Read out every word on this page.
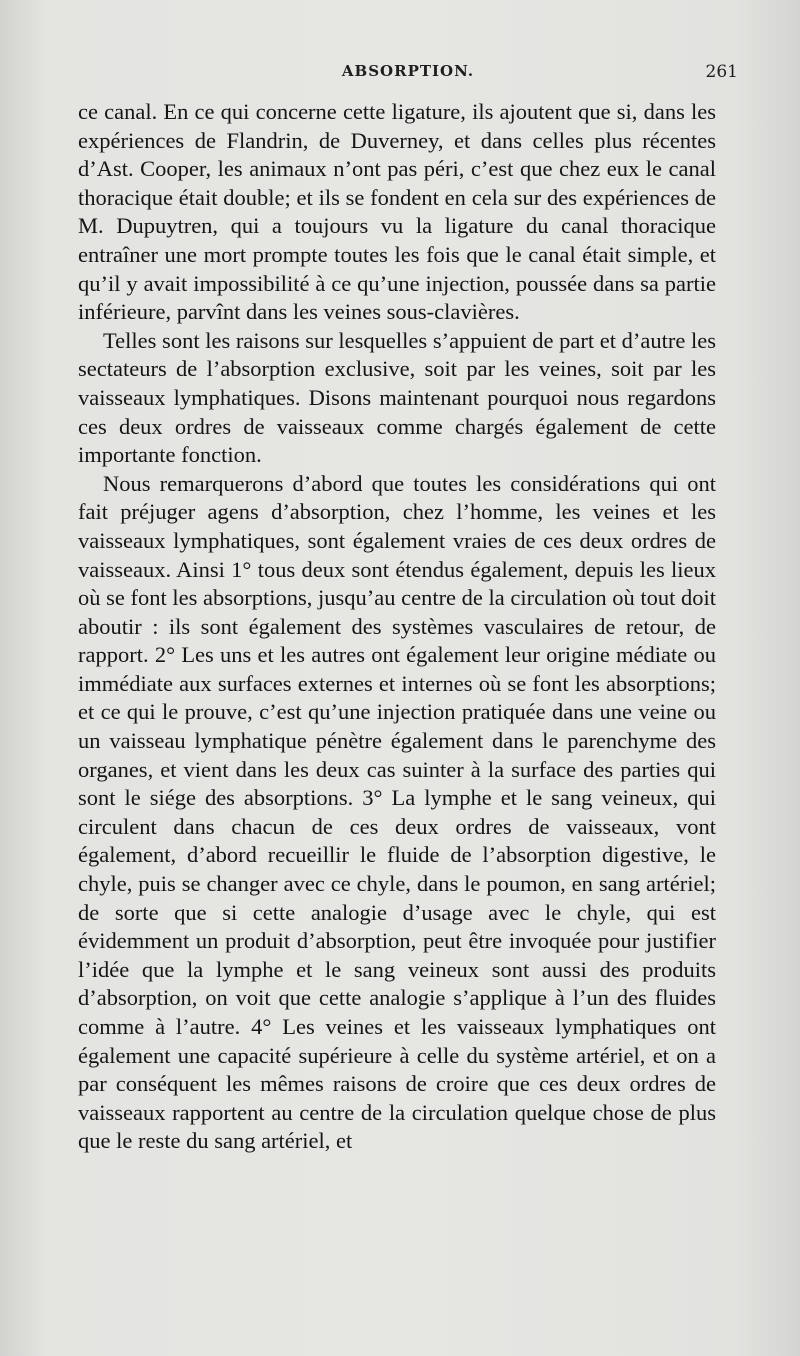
ABSORPTION.	261

ce canal. En ce qui concerne cette ligature, ils ajoutent que si, dans les expériences de Flandrin, de Duverney, et dans celles plus récentes d’Ast. Cooper, les animaux n’ont pas péri, c’est que chez eux le canal thoracique était double; et ils se fondent en cela sur des expériences de M. Dupuytren, qui a toujours vu la ligature du canal thoracique entraîner une mort prompte toutes les fois que le canal était simple, et qu’il y avait impossibilité à ce qu’une injection, poussée dans sa partie inférieure, parvînt dans les veines sous-clavières.

Telles sont les raisons sur lesquelles s’appuient de part et d’autre les sectateurs de l’absorption exclusive, soit par les veines, soit par les vaisseaux lymphatiques. Disons maintenant pourquoi nous regardons ces deux ordres de vaisseaux comme chargés également de cette importante fonction.

Nous remarquerons d’abord que toutes les considérations qui ont fait préjuger agens d’absorption, chez l’homme, les veines et les vaisseaux lymphatiques, sont également vraies de ces deux ordres de vaisseaux. Ainsi 1° tous deux sont étendus également, depuis les lieux où se font les absorptions, jusqu’au centre de la circulation où tout doit aboutir : ils sont également des systèmes vasculaires de retour, de rapport. 2° Les uns et les autres ont également leur origine médiate ou immédiate aux surfaces externes et internes où se font les absorptions; et ce qui le prouve, c’est qu’une injection pratiquée dans une veine ou un vaisseau lymphatique pénètre également dans le parenchyme des organes, et vient dans les deux cas suinter à la surface des parties qui sont le siége des absorptions. 3° La lymphe et le sang veineux, qui circulent dans chacun de ces deux ordres de vaisseaux, vont également, d’abord recueillir le fluide de l’absorption digestive, le chyle, puis se changer avec ce chyle, dans le poumon, en sang artériel; de sorte que si cette analogie d’usage avec le chyle, qui est évidemment un produit d’absorption, peut être invoquée pour justifier l’idée que la lymphe et le sang veineux sont aussi des produits d’absorption, on voit que cette analogie s’applique à l’un des fluides comme à l’autre. 4° Les veines et les vaisseaux lymphatiques ont également une capacité supérieure à celle du système artériel, et on a par conséquent les mêmes raisons de croire que ces deux ordres de vaisseaux rapportent au centre de la circulation quelque chose de plus que le reste du sang artériel, et
